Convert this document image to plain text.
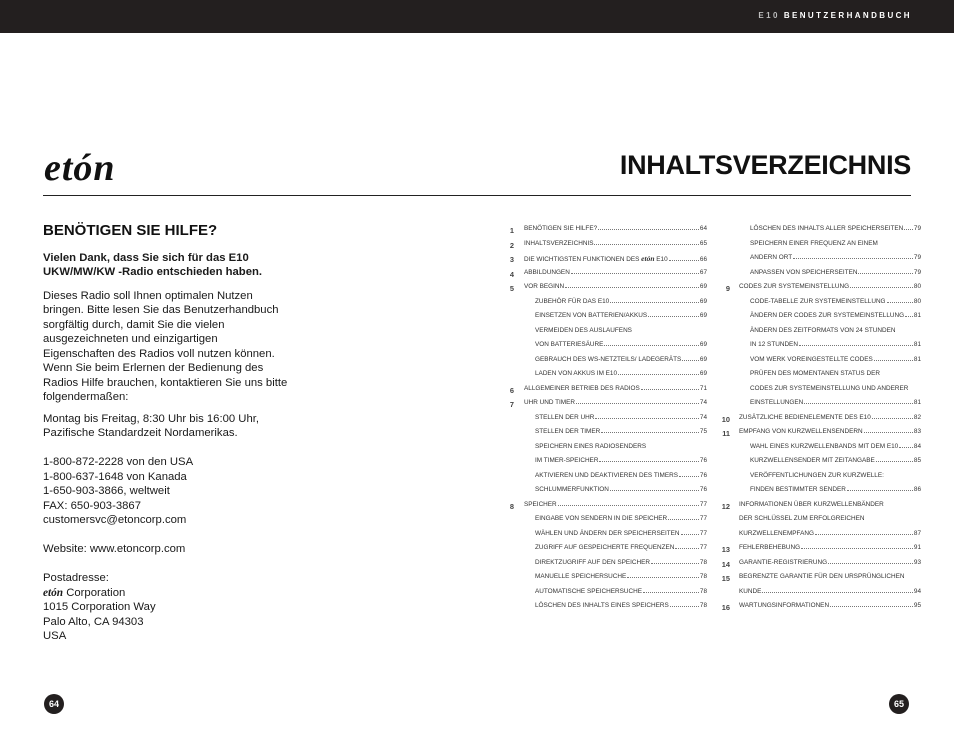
E10 BENUTZERHANDBUCH
etón	INHALTSVERZEICHNIS
BENÖTIGEN SIE HILFE?

Vielen Dank, dass Sie sich für das E10 UKW/MW/KW -Radio entschieden haben.

Dieses Radio soll Ihnen optimalen Nutzen bringen. Bitte lesen Sie das Benutzerhandbuch sorgfältig durch, damit Sie die vielen ausgezeichneten und einzigartigen Eigenschaften des Radios voll nutzen können. Wenn Sie beim Erlernen der Bedienung des Radios Hilfe brauchen, kontaktieren Sie uns bitte folgendermaßen:

Montag bis Freitag, 8:30 Uhr bis 16:00 Uhr, Pazifische Standardzeit Nordamerikas.

1-800-872-2228 von den USA

1-800-637-1648 von Kanada

1-650-903-3866, weltweit

FAX: 650-903-3867

customersvc@etoncorp.com

Website: www.etoncorp.com

Postadresse:

etón Corporation

1015 Corporation Way

Palo Alto, CA 94303

USA

1 BENÖTIGEN SIE HILFE?	64
2 INHALTSVERZEICHNIS	65
3 DIE WICHTIGSTEN FUNKTIONEN DES etón E10	66
4 ABBILDUNGEN	67
5 VOR BEGINN	69
ZUBEHÖR FÜR DAS E10	69
EINSETZEN VON BATTERIEN/AKKUS	69
VERMEIDEN DES AUSLAUFENS
VON BATTERIESÄURE	69
GEBRAUCH DES WS-NETZTEILS/ LADEGERÄTS	69
LADEN VON AKKUS IM E10	69
6 ALLGEMEINER BETRIEB DES RADIOS	71
7 UHR UND TIMER	74
STELLEN DER UHR	74
STELLEN DER TIMER	75
SPEICHERN EINES RADIOSENDERS
IM TIMER-SPEICHER	76
AKTIVIEREN UND DEAKTIVIEREN DES TIMERS	76
SCHLUMMERFUNKTION	76
8 SPEICHER	77
EINGABE VON SENDERN IN DIE SPEICHER	77
WÄHLEN UND ÄNDERN DER SPEICHERSEITEN	77
ZUGRIFF AUF GESPEICHERTE FREQUENZEN	77
DIREKTZUGRIFF AUF DEN SPEICHER	78
MANUELLE SPEICHERSUCHE	78
AUTOMATISCHE SPEICHERSUCHE	78
LÖSCHEN DES INHALTS EINES SPEICHERS	78
LÖSCHEN DES INHALTS ALLER SPEICHERSEITEN 79
SPEICHERN EINER FREQUENZ AN EINEM
ANDERN ORT	79
ANPASSEN VON SPEICHERSEITEN	79
9 CODES ZUR SYSTEMEINSTELLUNG	80
CODE-TABELLE ZUR SYSTEMEINSTELLUNG	80
ÄNDERN DER CODES ZUR SYSTEMEINSTELLUNG 81
ÄNDERN DES ZEITFORMATS VON 24 STUNDEN
IN 12 STUNDEN	81
VOM WERK VOREINGESTELLTE CODES	81
PRÜFEN DES MOMENTANEN STATUS DER
CODES ZUR SYSTEMEINSTELLUNG UND ANDERER
EINSTELLUNGEN	81
10 ZUSÄTZLICHE BEDIENELEMENTE DES E10	82
11 EMPFANG VON KURZWELLENSENDERN	83
WAHL EINES KURZWELLENBANDS MIT DEM E10 84
KURZWELLENSENDER MIT ZEITANGABE	85
VERÖFFENTLICHUNGEN ZUR KURZWELLE:
FINDEN BESTIMMTER SENDER	86
12 INFORMATIONEN ÜBER KURZWELLENBÄNDER
DER SCHLÜSSEL ZUM ERFOLGREICHEN
KURZWELLENEMPFANG	87
13 FEHLERBEHEBUNG	91
14 GARANTIE-REGISTRIERUNG	93
15 BEGRENZTE GARANTIE FÜR DEN URSPRÜNGLICHEN
KUNDE	94
16 WARTUNGSINFORMATIONEN	95
64	65
